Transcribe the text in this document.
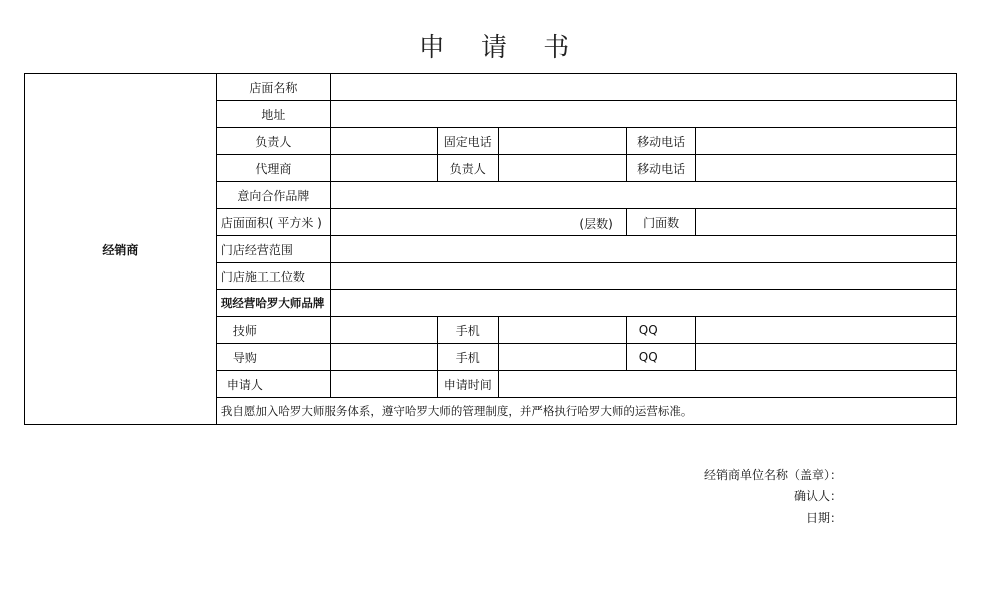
申 请 书
经销商	店面名称					
	地址					
	负责人		固定电话		移动电话	
	代理商		负责人		移动电话	
	意向合作品牌					
	店面面积( 平方米 )	(层数)			门面数	
	门店经营范围					
	门店施工工位数					
	现经营哈罗大师品牌					
	技师		手机		QQ	
	导购		手机		QQ	
	申请人		申请时间			

	我自愿加入哈罗大师服务体系，遵守哈罗大师的管理制度，并严格执行哈罗大师的运营标准。
经销商单位名称（盖章）：
确认人：
日期：					
